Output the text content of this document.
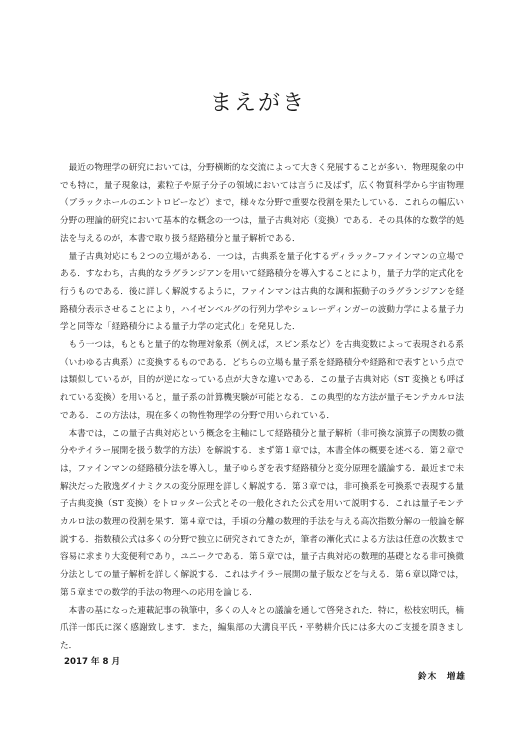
まえがき

最近の物理学の研究においては，分野横断的な交流によって大きく発展することが多い．物理現象の中でも特に，量子現象は，素粒子や原子分子の領域においては言うに及ばず，広く物質科学から宇宙物理（ブラックホールのエントロピーなど）まで，様々な分野で重要な役割を果たしている．これらの幅広い分野の理論的研究において基本的な概念の一つは，量子古典対応（変換）である．その具体的な数学的処法を与えるのが，本書で取り扱う経路積分と量子解析である．

量子古典対応にも２つの立場がある．一つは，古典系を量子化するディラック–ファインマンの立場である．すなわち，古典的なラグランジアンを用いて経路積分を導入することにより，量子力学的定式化を行うものである．後に詳しく解説するように，ファインマンは古典的な調和振動子のラグランジアンを経路積分表示させることにより，ハイゼンベルグの行列力学やシュレーディンガーの波動力学による量子力学と同等な「経路積分による量子力学の定式化」を発見した．

もう一つは，もともと量子的な物理対象系（例えば，スピン系など）を古典変数によって表現される系（いわゆる古典系）に変換するものである．どちらの立場も量子系を経路積分や経路和で表すという点では類似しているが，目的が逆になっている点が大きな違いである．この量子古典対応（ST 変換とも呼ばれている変換）を用いると，量子系の計算機実験が可能となる．この典型的な方法が量子モンテカルロ法である．この方法は，現在多くの物性物理学の分野で用いられている．

本書では，この量子古典対応という概念を主軸にして経路積分と量子解析（非可換な演算子の関数の微分やテイラー展開を扱う数学的方法）を解説する．まず第１章では，本書全体の概要を述べる．第２章では，ファインマンの経路積分法を導入し，量子ゆらぎを表す経路積分と変分原理を議論する．最近まで未解決だった散逸ダイナミクスの変分原理を詳しく解説する．第３章では，非可換系を可換系で表現する量子古典変換（ST 変換）をトロッター公式とその一般化された公式を用いて説明する．これは量子モンテカルロ法の数理の役割を果す．第４章では，手頃の分離の数理的手法を与える高次指数分解の一般論を解説する．指数積公式は多くの分野で独立に研究されてきたが，筆者の漸化式による方法は任意の次数まで容易に求まり大変便利であり，ユニークである．第５章では，量子古典対応の数理的基礎となる非可換微分法としての量子解析を詳しく解説する．これはテイラー展開の量子版などを与える．第６章以降では，第５章までの数学的手法の物理への応用を論じる．

本書の基になった連載記事の執筆中，多くの人々との議論を通して啓発された．特に，松枝宏明氏，楠爪洋一郎氏に深く感謝致します．また，編集部の大溝良平氏・平勢耕介氏には多大のご支援を頂きました．

2017 年 8 月
鈴木　増雄
